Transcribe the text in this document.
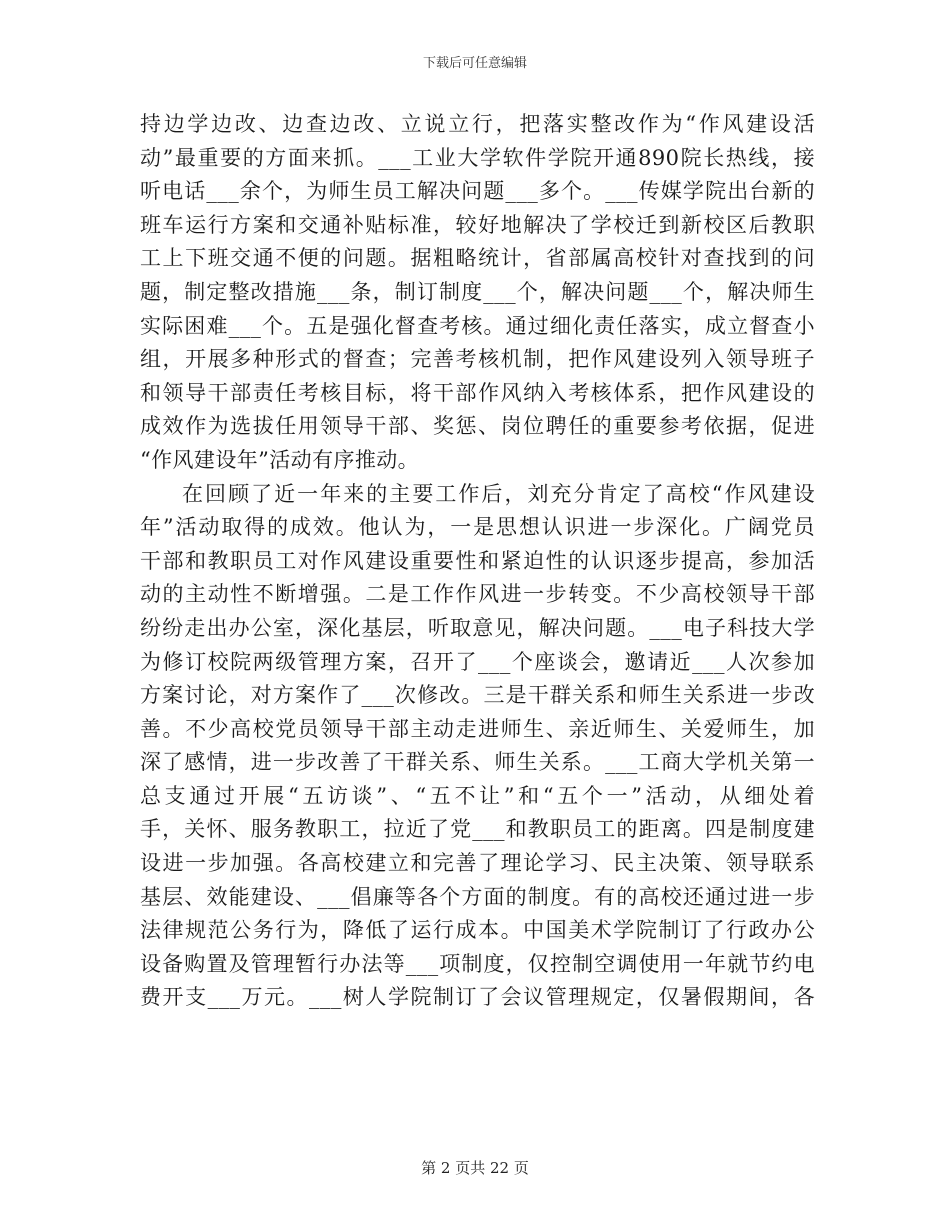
下载后可任意编辑
持边学边改、边查边改、立说立行，把落实整改作为“作风建设活
动”最重要的方面来抓。___工业大学软件学院开通890院长热线，接
听电话___余个，为师生员工解决问题___多个。___传媒学院出台新的
班车运行方案和交通补贴标准，较好地解决了学校迁到新校区后教职
工上下班交通不便的问题。据粗略统计，省部属高校针对查找到的问
题，制定整改措施___条，制订制度___个，解决问题___个，解决师生
实际困难___个。五是强化督查考核。通过细化责任落实，成立督查小
组，开展多种形式的督查；完善考核机制，把作风建设列入领导班子
和领导干部责任考核目标，将干部作风纳入考核体系，把作风建设的
成效作为选拔任用领导干部、奖惩、岗位聘任的重要参考依据，促进
“作风建设年”活动有序推动。
在回顾了近一年来的主要工作后，刘充分肯定了高校“作风建设
年”活动取得的成效。他认为，一是思想认识进一步深化。广阔党员
干部和教职员工对作风建设重要性和紧迫性的认识逐步提高，参加活
动的主动性不断增强。二是工作作风进一步转变。不少高校领导干部
纷纷走出办公室，深化基层，听取意见，解决问题。___电子科技大学
为修订校院两级管理方案，召开了___个座谈会，邀请近___人次参加
方案讨论，对方案作了___次修改。三是干群关系和师生关系进一步改
善。不少高校党员领导干部主动走进师生、亲近师生、关爱师生，加
深了感情，进一步改善了干群关系、师生关系。___工商大学机关第一
总支通过开展“五访谈”、“五不让”和“五个一”活动，从细处着
手，关怀、服务教职工，拉近了党___和教职员工的距离。四是制度建
设进一步加强。各高校建立和完善了理论学习、民主决策、领导联系
基层、效能建设、___倡廉等各个方面的制度。有的高校还通过进一步
法律规范公务行为，降低了运行成本。中国美术学院制订了行政办公
设备购置及管理暂行办法等___项制度，仅控制空调使用一年就节约电
费开支___万元。___树人学院制订了会议管理规定，仅暑假期间，各
第 2 页共 22 页
